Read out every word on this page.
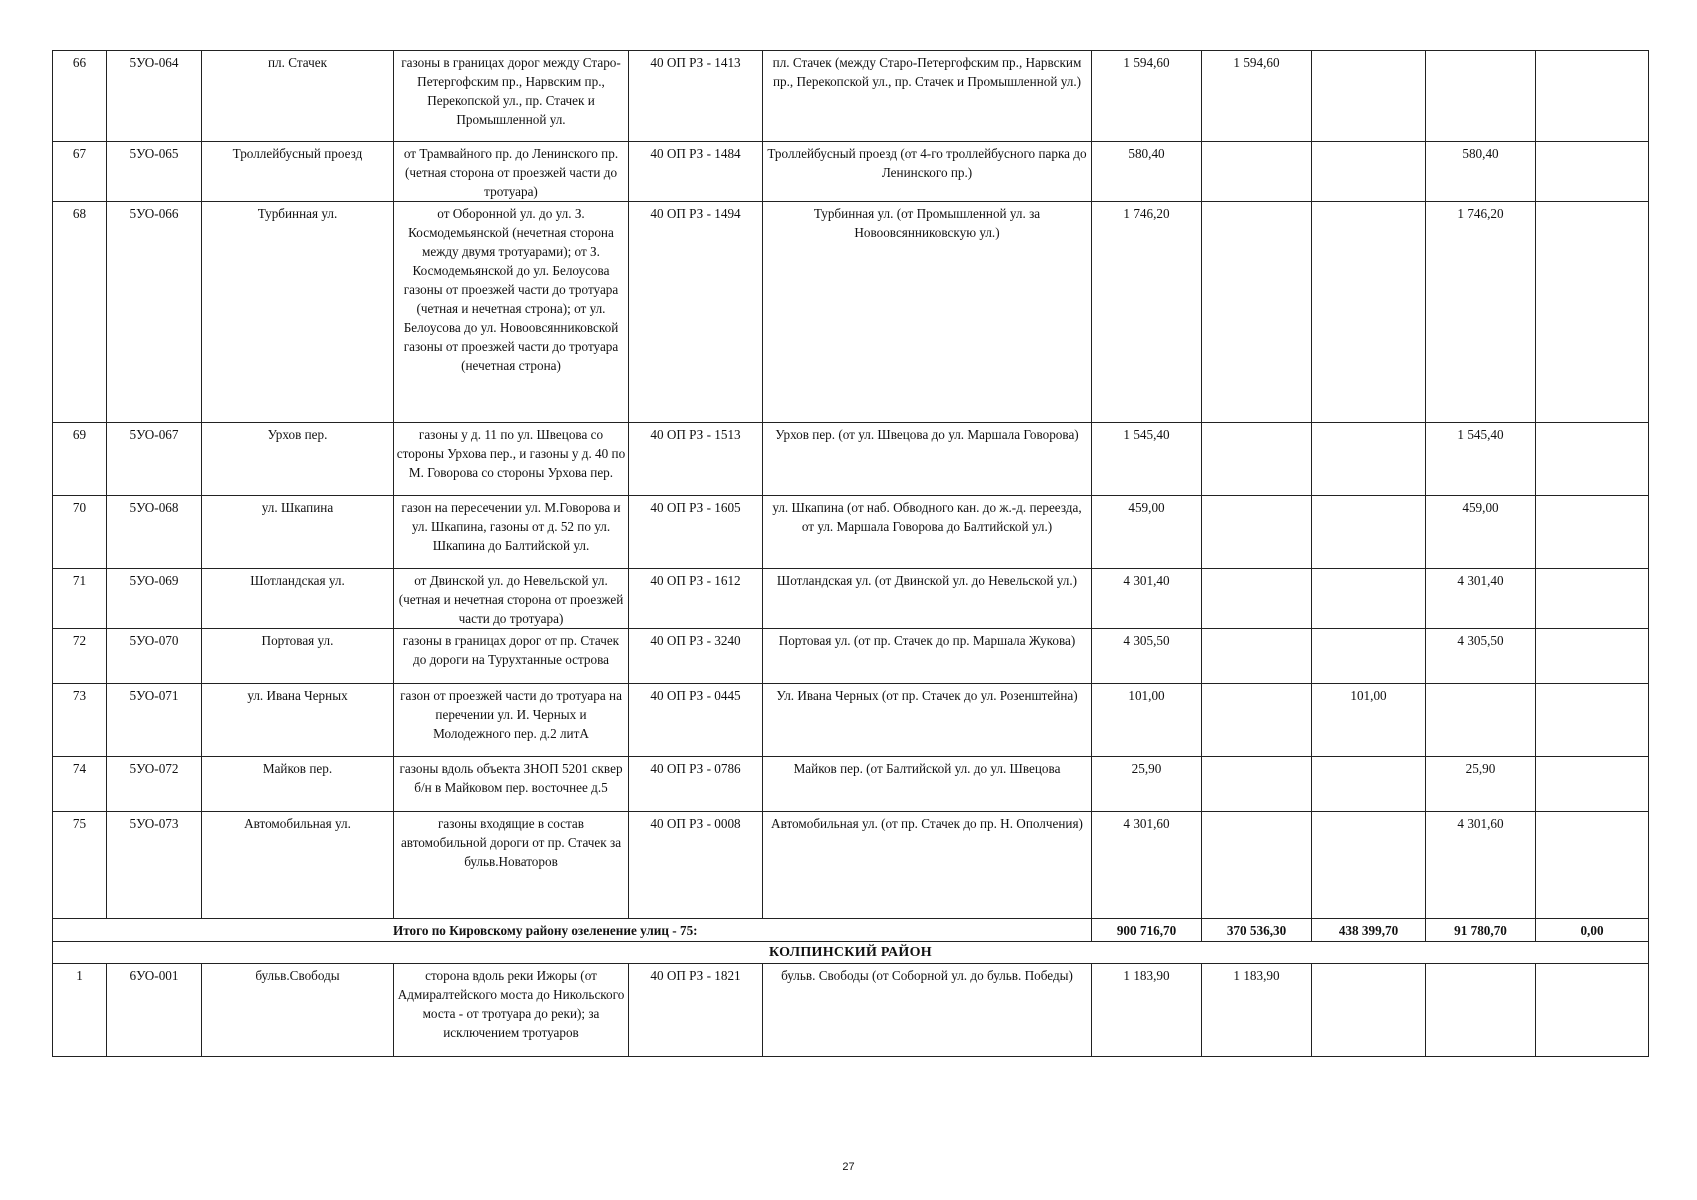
66	5УО-064	пл. Стачек	газоны в границах дорог между Старо-Петергофским пр., Нарвским пр., Перекопской ул., пр. Стачек и Промышленной ул.	40 ОП РЗ - 1413	пл. Стачек (между Старо-Петергофским пр., Нарвским пр., Перекопской ул., пр. Стачек и Промышленной ул.)	1 594,60	1 594,60			
67	5УО-065	Троллейбусный проезд	от Трамвайного пр. до Ленинского пр. (четная сторона от проезжей части до тротуара)	40 ОП РЗ - 1484	Троллейбусный проезд (от 4-го троллейбусного парка до Ленинского пр.)	580,40			580,40	
68	5УО-066	Турбинная ул.	от Оборонной ул. до ул. З. Космодемьянской (нечетная сторона между двумя тротуарами); от З. Космодемьянской до ул. Белоусова газоны от проезжей части до тротуара (четная и нечетная строна); от ул. Белоусова до ул. Новоовсянниковской газоны от проезжей части до тротуара (нечетная строна)	40 ОП РЗ - 1494	Турбинная ул. (от Промышленной ул. за Новоовсянниковскую ул.)	1 746,20			1 746,20	
69	5УО-067	Урхов пер.	газоны у д. 11 по ул. Швецова со стороны Урхова пер., и газоны у д. 40 по М. Говорова со стороны Урхова пер.	40 ОП РЗ - 1513	Урхов пер. (от ул. Швецова до ул. Маршала Говорова)	1 545,40			1 545,40	
70	5УО-068	ул. Шкапина	газон на пересечении ул. М.Говорова и ул. Шкапина, газоны от д. 52 по ул. Шкапина до Балтийской ул.	40 ОП РЗ - 1605	ул. Шкапина (от наб. Обводного кан. до ж.-д. переезда, от ул. Маршала Говорова до Балтийской ул.)	459,00			459,00	
71	5УО-069	Шотландская ул.	от Двинской ул. до Невельской ул. (четная и нечетная сторона от проезжей части до тротуара)	40 ОП РЗ - 1612	Шотландская ул. (от Двинской ул. до Невельской ул.)	4 301,40			4 301,40	
72	5УО-070	Портовая ул.	газоны в границах дорог от пр. Стачек до дороги на Турухтанные острова	40 ОП РЗ - 3240	Портовая ул. (от пр. Стачек до пр. Маршала Жукова)	4 305,50			4 305,50	
73	5УО-071	ул. Ивана Черных	газон от проезжей части до тротуара на перечении ул. И. Черных и Молодежного пер. д.2 литА	40 ОП РЗ - 0445	Ул. Ивана Черных (от пр. Стачек до ул. Розенштейна)	101,00		101,00		
74	5УО-072	Майков пер.	газоны вдоль объекта ЗНОП 5201 сквер б/н в Майковом пер. восточнее д.5	40 ОП РЗ - 0786	Майков пер. (от Балтийской ул. до ул. Швецова	25,90			25,90	
75	5УО-073	Автомобильная ул.	газоны входящие в состав автомобильной дороги от пр. Стачек за бульв.Новаторов	40 ОП РЗ - 0008	Автомобильная ул. (от пр. Стачек до пр. Н. Ополчения)	4 301,60			4 301,60	
Итого по Кировскому району озеленение улиц - 75:						900 716,70	370 536,30	438 399,70	91 780,70	0,00
КОЛПИНСКИЙ РАЙОН										
1	6УО-001	бульв.Свободы	сторона вдоль реки Ижоры (от Адмиралтейского моста до Никольского моста - от тротуара до реки); за исключением тротуаров	40 ОП РЗ - 1821	бульв. Свободы (от Соборной ул. до бульв. Победы)	1 183,90	1 183,90			
27
